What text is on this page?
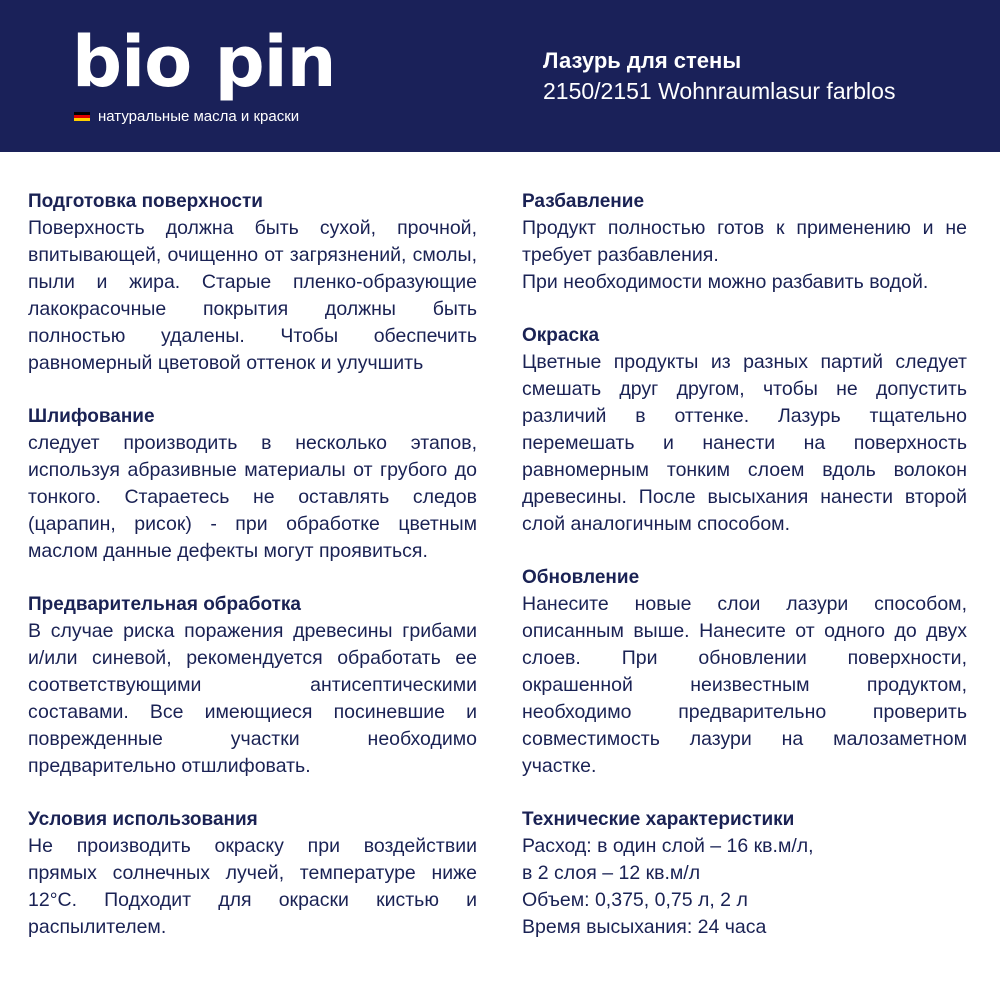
bio pin
натуральные масла и краски
Лазурь для стены
2150/2151 Wohnraumlasur farblos

Подготовка поверхности

Поверхность должна быть сухой, прочной, впитывающей, очищенно от загрязнений, смолы, пыли и жира. Старые пленко-образующие лакокрасочные покрытия должны быть полностью удалены. Чтобы обеспечить равномерный цветовой оттенок и улучшить

Шлифование

следует производить в несколько этапов, используя абразивные материалы от грубого до тонкого. Стараетесь не оставлять следов (царапин, рисок) - при обработке цветным маслом данные дефекты могут проявиться.

Предварительная обработка

В случае риска поражения древесины грибами и/или синевой, рекомендуется обработать ее соответствующими антисептическими составами. Все имеющиеся посиневшие и поврежденные участки необходимо предварительно отшлифовать.

Условия использования

Не производить окраску при воздействии прямых солнечных лучей, температуре ниже 12°С. Подходит для окраски кистью и распылителем.

Разбавление

Продукт полностью готов к применению и не требует разбавления.
При необходимости можно разбавить водой.

Окраска

Цветные продукты из разных партий следует смешать друг другом, чтобы не допустить различий в оттенке. Лазурь тщательно перемешать и нанести на поверхность равномерным тонким слоем вдоль волокон древесины. После высыхания нанести второй слой аналогичным способом.

Обновление

Нанесите новые слои лазури способом, описанным выше. Нанесите от одного до двух слоев. При обновлении поверхности, окрашенной неизвестным продуктом, необходимо предварительно проверить совместимость лазури на малозаметном участке.

Технические характеристики

Расход: в один слой – 16 кв.м/л,

в 2 слоя – 12 кв.м/л

Объем: 0,375, 0,75 л, 2 л

Время высыхания: 24 часа
